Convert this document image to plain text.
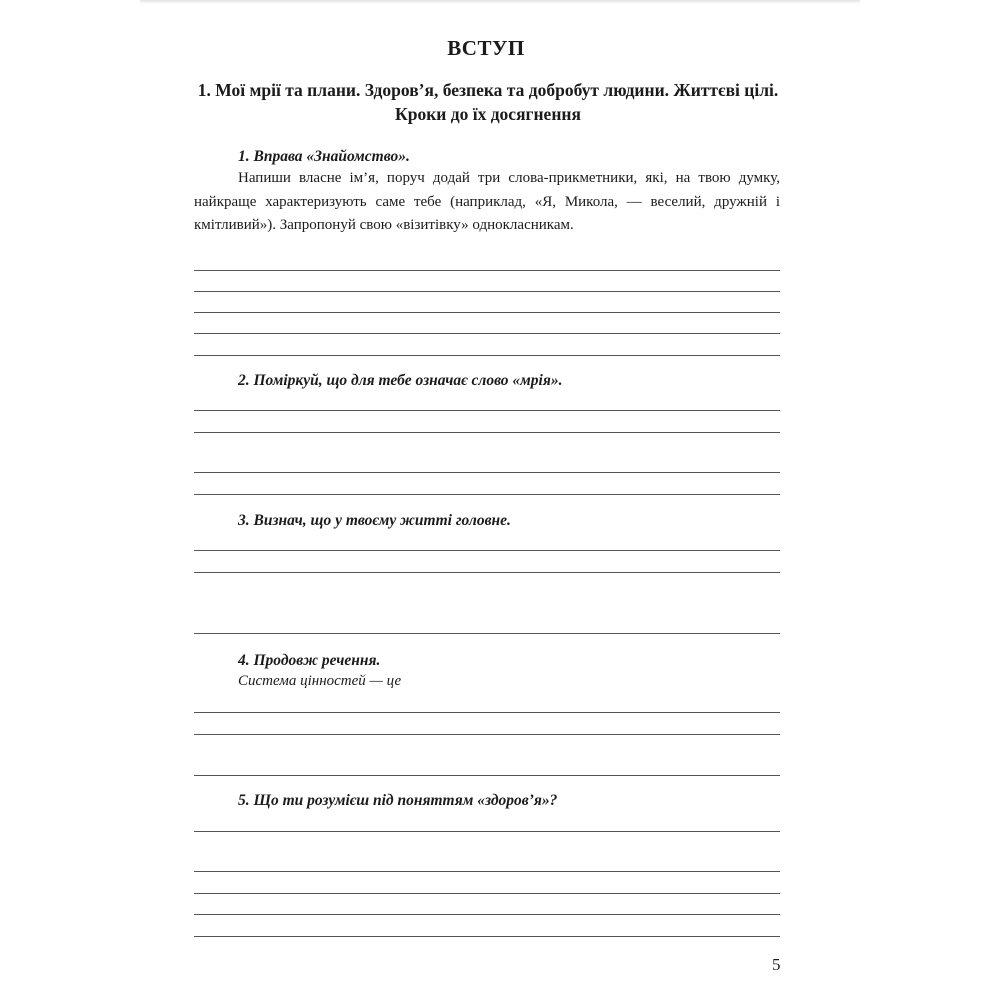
ВСТУП
1. Мої мрії та плани. Здоров’я, безпека та добробут людини. Життєві цілі. Кроки до їх досягнення
1. Вправа «Знайомство».
Напиши власне ім’я, поруч додай три слова-прикметники, які, на твою думку, найкраще характеризують саме тебе (наприклад, «Я, Микола, — веселий, дружній і кмітливий»). Запропонуй свою «візитівку» однокласникам.
2. Поміркуй, що для тебе означає слово «мрія».
3. Визнач, що у твоєму житті головне.
4. Продовж речення.
Система цінностей — це
5. Що ти розумієш під поняттям «здоров’я»?
5
